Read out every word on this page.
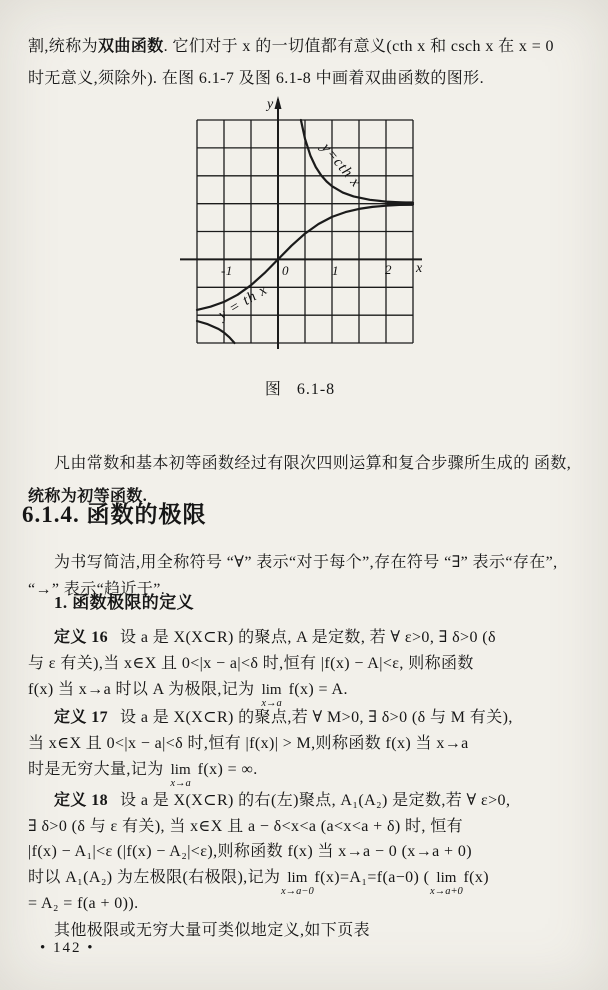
割,统称为双曲函数. 它们对于 x 的一切值都有意义(cth x 和 csch x 在 x = 0
时无意义,须除外). 在图 6.1-7 及图 6.1-8 中画着双曲函数的图形.

y
x
-1	0	1	2
y=cth x
y = th x
图   6.1-8

凡由常数和基本初等函数经过有限次四则运算和复合步骤所生成的 函数,
统称为初等函数.

6.1.4. 函数的极限

为书写简洁,用全称符号 “∀” 表示“对于每个”,存在符号 “∃” 表示“存在”,
“→” 表示“趋近于”.

1. 函数极限的定义

定义 16 设 a 是 X(X⊂R) 的聚点, A 是定数, 若 ∀ ε>0, ∃ δ>0 (δ
与 ε 有关),当 x∈X 且 0<|x − a|<δ 时,恒有 |f(x) − A|<ε, 则称函数
f(x) 当 x→a 时以 A 为极限,记为 lim
x→a
f(x) = A.

定义 17 设 a 是 X(X⊂R) 的聚点,若 ∀ M>0, ∃ δ>0 (δ 与 M 有关),
当 x∈X 且 0<|x − a|<δ 时,恒有 |f(x)| > M,则称函数 f(x) 当 x→a
时是无穷大量,记为 lim
x→a
f(x) = ∞.

定义 18 设 a 是 X(X⊂R) 的右(左)聚点, A₁(A₂) 是定数,若 ∀ ε>0,
∃ δ>0 (δ 与 ε 有关), 当 x∈X 且 a − δ<x<a (a<x<a + δ) 时, 恒有
|f(x) − A₁|<ε (|f(x) − A₂|<ε),则称函数 f(x) 当 x→a − 0 (x→a + 0)
时以 A₁(A₂) 为左极限(右极限),记为 lim
x→a−0
f(x)=A₁=f(a−0) ( lim
x→a+0
f(x)
= A₂ = f(a + 0)).

其他极限或无穷大量可类似地定义,如下页表

• 142 •
